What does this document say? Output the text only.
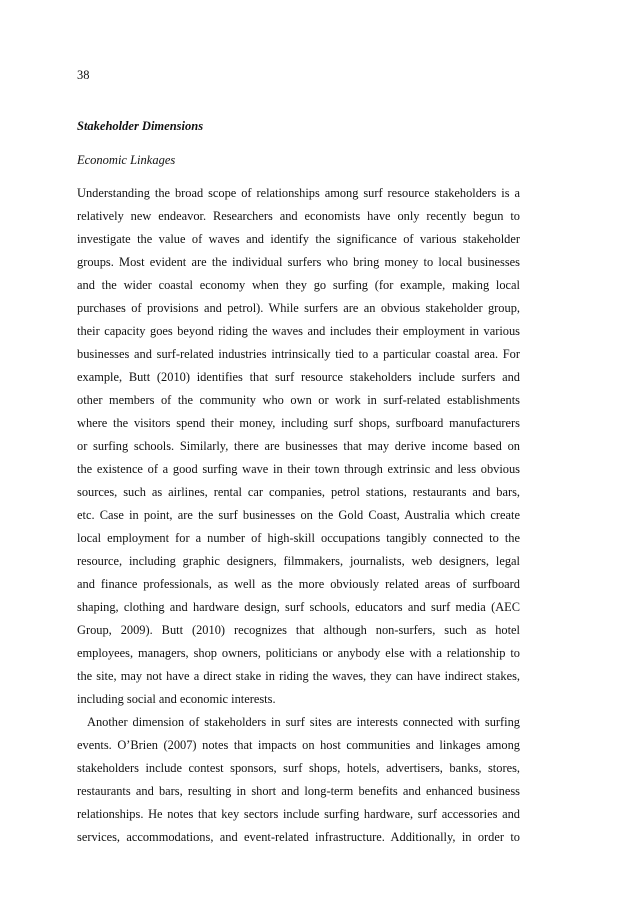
38
Stakeholder Dimensions
Economic Linkages
Understanding the broad scope of relationships among surf resource stakeholders is a
relatively new endeavor. Researchers and economists have only recently begun to
investigate the value of waves and identify the significance of various stakeholder
groups. Most evident are the individual surfers who bring money to local businesses
and the wider coastal economy when they go surfing (for example, making local
purchases of provisions and petrol). While surfers are an obvious stakeholder group,
their capacity goes beyond riding the waves and includes their employment in various
businesses and surf-related industries intrinsically tied to a particular coastal area. For
example, Butt (2010) identifies that surf resource stakeholders include surfers and
other members of the community who own or work in surf-related establishments
where the visitors spend their money, including surf shops, surfboard manufacturers
or surfing schools. Similarly, there are businesses that may derive income based on
the existence of a good surfing wave in their town through extrinsic and less obvious
sources, such as airlines, rental car companies, petrol stations, restaurants and bars,
etc. Case in point, are the surf businesses on the Gold Coast, Australia which create
local employment for a number of high-skill occupations tangibly connected to the
resource, including graphic designers, filmmakers, journalists, web designers, legal
and finance professionals, as well as the more obviously related areas of surfboard
shaping, clothing and hardware design, surf schools, educators and surf media (AEC
Group, 2009). Butt (2010) recognizes that although non-surfers, such as hotel
employees, managers, shop owners, politicians or anybody else with a relationship to
the site, may not have a direct stake in riding the waves, they can have indirect stakes,
including social and economic interests.
Another dimension of stakeholders in surf sites are interests connected with surfing
events. O’Brien (2007) notes that impacts on host communities and linkages among
stakeholders include contest sponsors, surf shops, hotels, advertisers, banks, stores,
restaurants and bars, resulting in short and long-term benefits and enhanced business
relationships. He notes that key sectors include surfing hardware, surf accessories and
services, accommodations, and event-related infrastructure. Additionally, in order to
